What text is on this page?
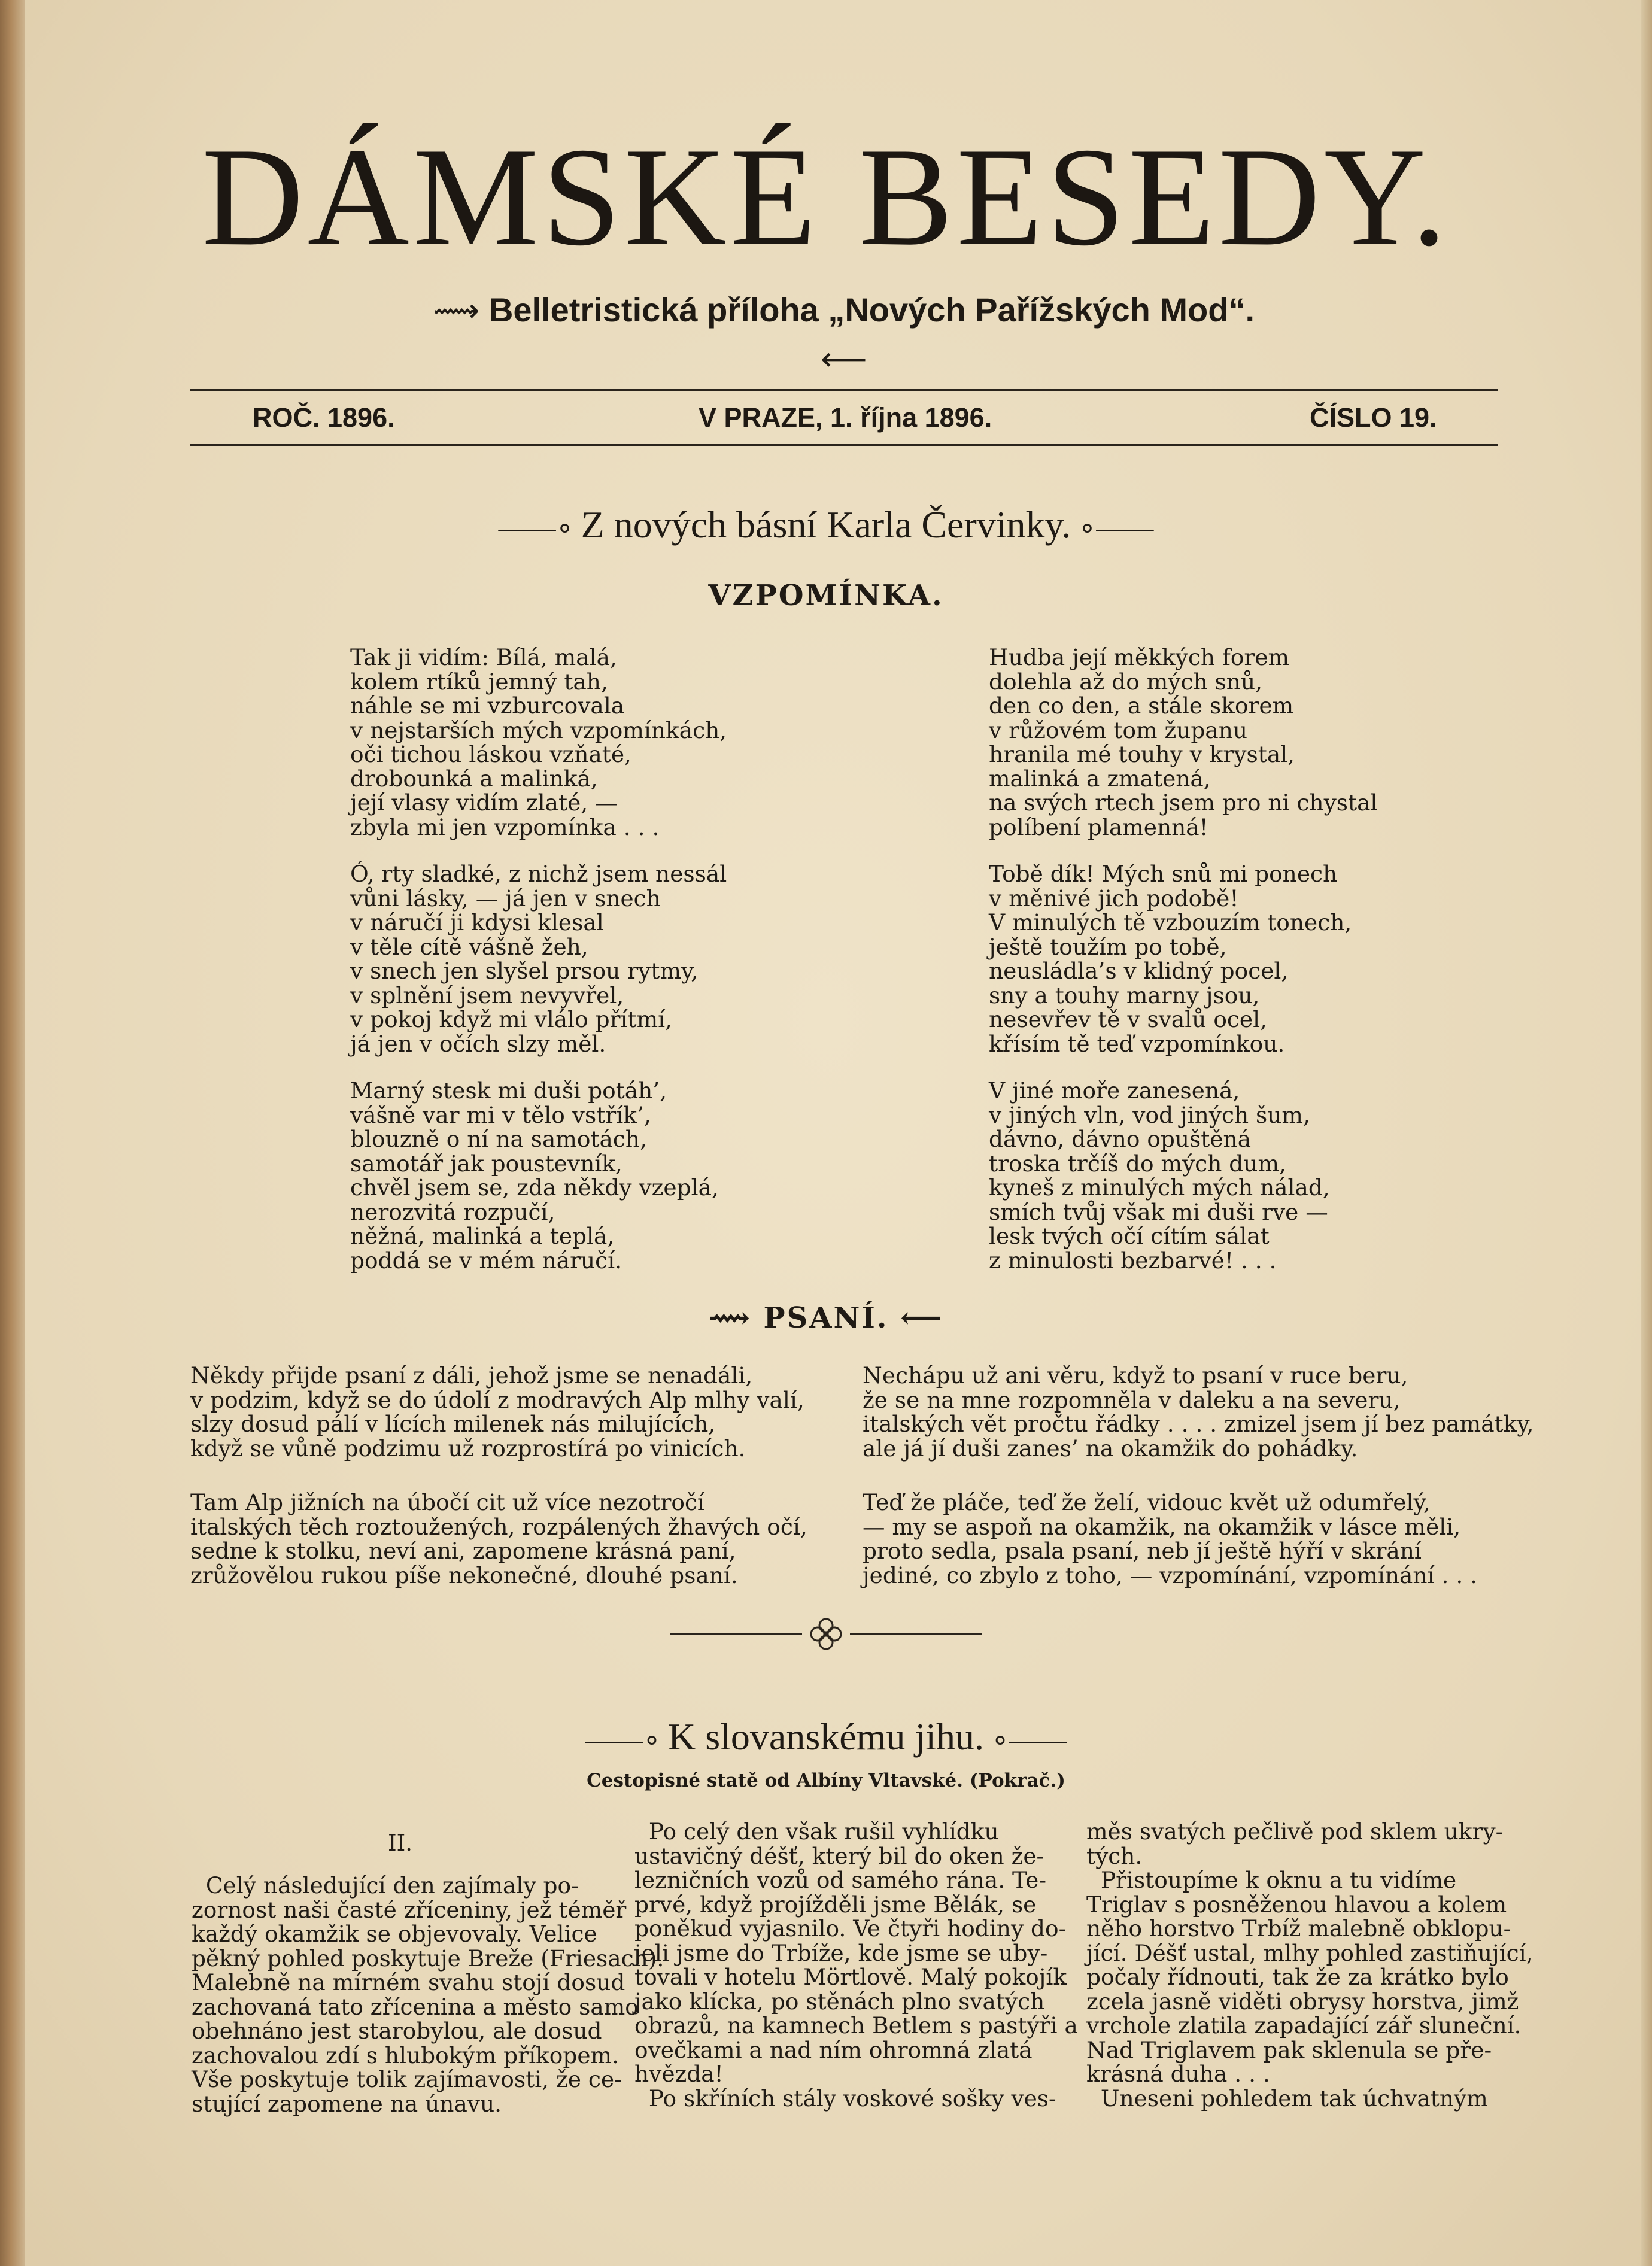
DÁMSKÉ BESEDY.
⟿ Belletristická příloha „Nových Pařížských Mod“. ⟵
ROČ. 1896.	V PRAZE, 1. října 1896.	ČÍSLO 19.
——∘ Z nových básní Karla Červinky. ∘——
VZPOMÍNKA.
Tak ji vidím: Bílá, malá,
kolem rtíků jemný tah,
náhle se mi vzburcovala
v nejstarších mých vzpomínkách,
oči tichou láskou vzňaté,
drobounká a malinká,
její vlasy vidím zlaté, —
zbyla mi jen vzpomínka . . .
Ó, rty sladké, z nichž jsem nessál
vůni lásky, — já jen v snech
v náručí ji kdysi klesal
v těle cítě vášně žeh,
v snech jen slyšel prsou rytmy,
v splnění jsem nevyvřel,
v pokoj když mi vlálo přítmí,
já jen v očích slzy měl.
Marný stesk mi duši potáh’,
vášně var mi v tělo vstřík’,
blouzně o ní na samotách,
samotář jak poustevník,
chvěl jsem se, zda někdy vzeplá,
nerozvitá rozpučí,
něžná, malinká a teplá,
poddá se v mém náručí.
Hudba její měkkých forem
dolehla až do mých snů,
den co den, a stále skorem
v růžovém tom županu
hranila mé touhy v krystal,
malinká a zmatená,
na svých rtech jsem pro ni chystal
políbení plamenná!
Tobě dík! Mých snů mi ponech
v měnivé jich podobě!
V minulých tě vzbouzím tonech,
ještě toužím po tobě,
neusládla’s v klidný pocel,
sny a touhy marny jsou,
nesevřev tě v svalů ocel,
křísím tě teď vzpomínkou.
V jiné moře zanesená,
v jiných vln, vod jiných šum,
dávno, dávno opuštěná
troska trčíš do mých dum,
kyneš z minulých mých nálad,
smích tvůj však mi duši rve —
lesk tvých očí cítím sálat
z minulosti bezbarvé! . . .
⟿ PSANÍ. ⟵
Někdy přijde psaní z dáli, jehož jsme se nenadáli,
v podzim, když se do údolí z modravých Alp mlhy valí,
slzy dosud pálí v lících milenek nás milujících,
když se vůně podzimu už rozprostírá po vinicích.
Tam Alp jižních na úbočí cit už více nezotročí
italských těch roztoužených, rozpálených žhavých očí,
sedne k stolku, neví ani, zapomene krásná paní,
zrůžovělou rukou píše nekonečné, dlouhé psaní.
Nechápu už ani věru, když to psaní v ruce beru,
že se na mne rozpomněla v daleku a na severu,
italských vět pročtu řádky . . . . zmizel jsem jí bez památky,
ale já jí duši zanes’ na okamžik do pohádky.
Teď že pláče, teď že želí, vidouc květ už odumřelý,
— my se aspoň na okamžik, na okamžik v lásce měli,
proto sedla, psala psaní, neb jí ještě hýří v skrání
jediné, co zbylo z toho, — vzpomínání, vzpomínání . . .
——∘ K slovanskému jihu. ∘——
Cestopisné statě od Albíny Vltavské. (Pokrač.)
II.
Celý následující den zajímaly po-
zornost naši časté zříceniny, jež téměř
každý okamžik se objevovaly. Velice
pěkný pohled poskytuje Breže (Friesach).
Malebně na mírném svahu stojí dosud
zachovaná tato zřícenina a město samo
obehnáno jest starobylou, ale dosud
zachovalou zdí s hlubokým příkopem.
Vše poskytuje tolik zajímavosti, že ce-
stující zapomene na únavu.
Po celý den však rušil vyhlídku
ustavičný déšť, který bil do oken že-
lezničních vozů od samého rána. Te-
prvé, když projížděli jsme Bělák, se
poněkud vyjasnilo. Ve čtyři hodiny do-
jeli jsme do Trbíže, kde jsme se uby-
tovali v hotelu Mörtlově. Malý pokojík
jako klícka, po stěnách plno svatých
obrazů, na kamnech Betlem s pastýři a
ovečkami a nad ním ohromná zlatá
hvězda!
Po skříních stály voskové sošky ves-
měs svatých pečlivě pod sklem ukry-
tých.
Přistoupíme k oknu a tu vidíme
Triglav s posněženou hlavou a kolem
něho horstvo Trbíž malebně obklopu-
jící. Déšť ustal, mlhy pohled zastiňující,
počaly řídnouti, tak že za krátko bylo
zcela jasně viděti obrysy horstva, jimž
vrchole zlatila zapadající zář sluneční.
Nad Triglavem pak sklenula se pře-
krásná duha . . .
Uneseni pohledem tak úchvatným
